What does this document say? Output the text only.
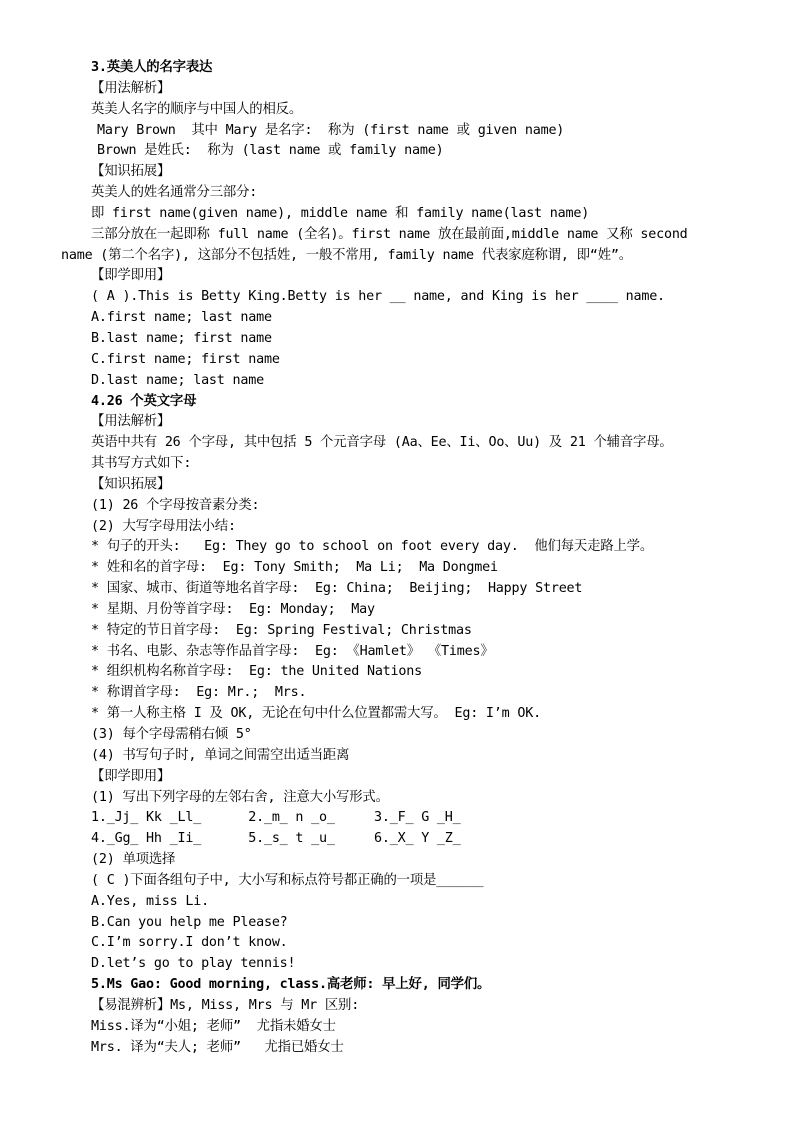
3.英美人的名字表达
【用法解析】
英美人名字的顺序与中国人的相反。
Mary Brown  其中 Mary 是名字:  称为 (first name 或 given name)
Brown 是姓氏:  称为 (last name 或 family name)
【知识拓展】
英美人的姓名通常分三部分:
即 first name(given name), middle name 和 family name(last name)
三部分放在一起即称 full name (全名)。first name 放在最前面,middle name 又称 second
name (第二个名字), 这部分不包括姓, 一般不常用, family name 代表家庭称谓, 即“姓”。
【即学即用】
( A ).This is Betty King.Betty is her __ name, and King is her ____ name.
A.first name; last name
B.last name; first name
C.first name; first name
D.last name; last name
4.26 个英文字母
【用法解析】
英语中共有 26 个字母, 其中包括 5 个元音字母 (Aa、Ee、Ii、Oo、Uu) 及 21 个辅音字母。
其书写方式如下:
【知识拓展】
(1) 26 个字母按音素分类:
(2) 大写字母用法小结:
* 句子的开头:   Eg: They go to school on foot every day.  他们每天走路上学。
* 姓和名的首字母:  Eg: Tony Smith;  Ma Li;  Ma Dongmei
* 国家、城市、街道等地名首字母:  Eg: China;  Beijing;  Happy Street
* 星期、月份等首字母:  Eg: Monday;  May
* 特定的节日首字母:  Eg: Spring Festival; Christmas
* 书名、电影、杂志等作品首字母:  Eg: 《Hamlet》 《Times》
* 组织机构名称首字母:  Eg: the United Nations
* 称谓首字母:  Eg: Mr.;  Mrs.
* 第一人称主格 I 及 OK, 无论在句中什么位置都需大写。 Eg: I’m OK.
(3) 每个字母需稍右倾 5°
(4) 书写句子时, 单词之间需空出适当距离
【即学即用】
(1) 写出下列字母的左邻右舍, 注意大小写形式。
1._Jj_ Kk _Ll_      2._m_ n _o_     3._F_ G _H_
4._Gg_ Hh _Ii_      5._s_ t _u_     6._X_ Y _Z_
(2) 单项选择
( C )下面各组句子中, 大小写和标点符号都正确的一项是______
A.Yes, miss Li.
B.Can you help me Please?
C.I’m sorry.I don’t know.
D.let’s go to play tennis!
5.Ms Gao: Good morning, class.高老师: 早上好, 同学们。
【易混辨析】Ms, Miss, Mrs 与 Mr 区别:
Miss.译为“小姐; 老师”  尤指未婚女士
Mrs. 译为“夫人; 老师”   尤指已婚女士
